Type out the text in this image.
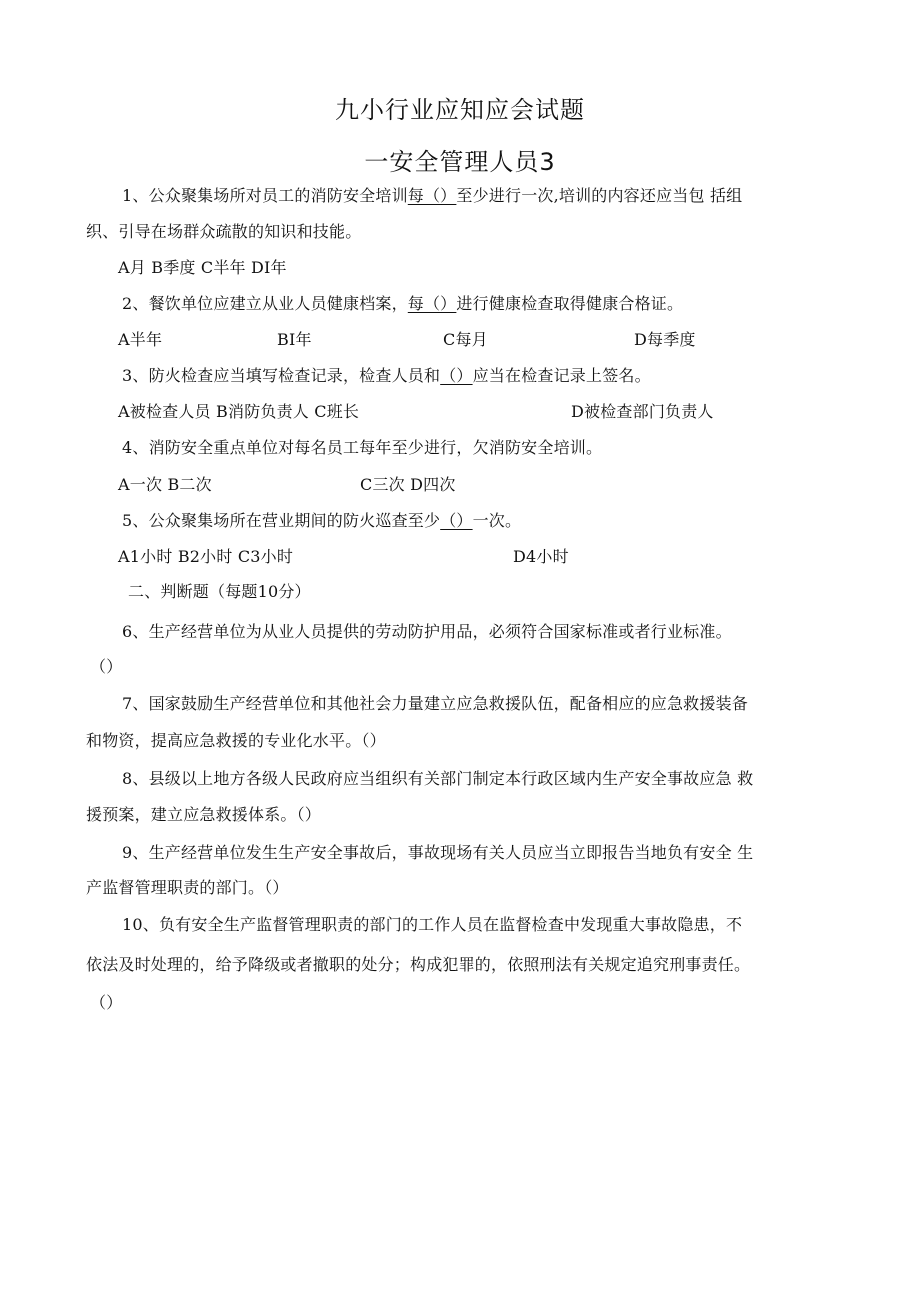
九小行业应知应会试题
一安全管理人员3
1、公众聚集场所对员工的消防安全培训每（）至少进行一次,培训的内容还应当包 括组
织、引导在场群众疏散的知识和技能。
A月 B季度 C半年 DI年
2、餐饮单位应建立从业人员健康档案，每（）进行健康检查取得健康合格证。
A半年	BI年	C每月	D每季度
3、防火检查应当填写检查记录，检查人员和（）应当在检查记录上签名。
A被检查人员 B消防负责人 C班长	D被检查部门负责人
4、消防安全重点单位对每名员工每年至少进行，欠消防安全培训。
A一次 B二次	C三次 D四次
5、公众聚集场所在营业期间的防火巡查至少（）一次。
A1小时 B2小时 C3小时	D4小时
二、判断题（每题10分）
6、生产经营单位为从业人员提供的劳动防护用品，必须符合国家标准或者行业标准。
（）
7、国家鼓励生产经营单位和其他社会力量建立应急救援队伍，配备相应的应急救援装备
和物资，提高应急救援的专业化水平。（）
8、县级以上地方各级人民政府应当组织有关部门制定本行政区域内生产安全事故应急 救
援预案，建立应急救援体系。（）
9、生产经营单位发生生产安全事故后，事故现场有关人员应当立即报告当地负有安全 生
产监督管理职责的部门。（）
10、负有安全生产监督管理职责的部门的工作人员在监督检查中发现重大事故隐患，不
依法及时处理的，给予降级或者撤职的处分；构成犯罪的，依照刑法有关规定追究刑事责任。
（）
